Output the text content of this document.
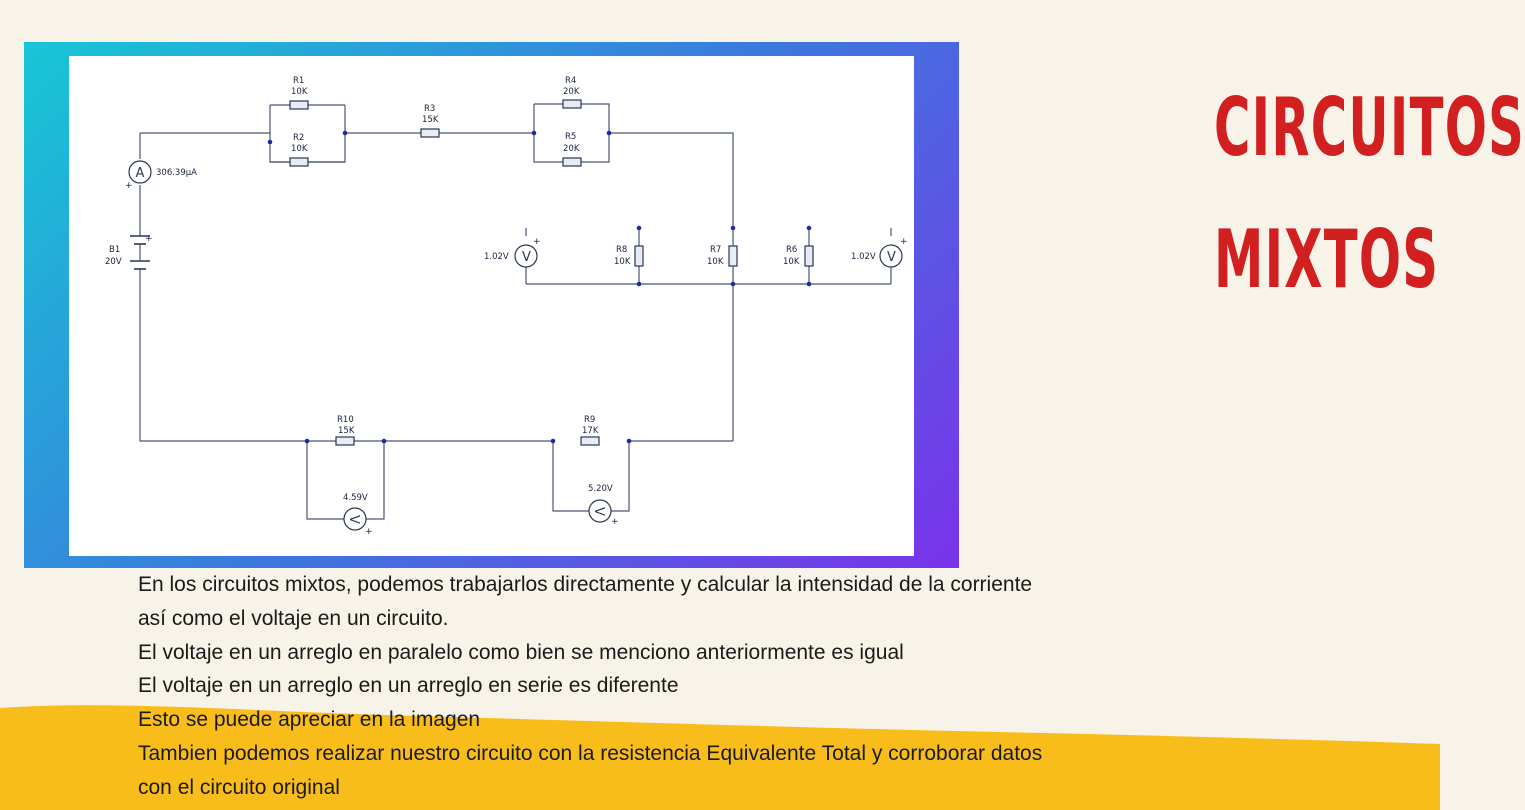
A
V	V
V
V
R1
10K
R2
10K
R3
15K
R4
20K
R5
20K
R8
10K
R7
10K
R6
10K
R10
15K
R9
17K
B1
20V
306.39μA
1.02V	1.02V
4.59V
5.20V
+
+	+	+
+
+
CIRCUITOS
MIXTOS

En los circuitos mixtos, podemos trabajarlos directamente y calcular la intensidad de la corriente

así como el voltaje en un circuito.

El voltaje en un arreglo en paralelo como bien se menciono anteriormente es igual

El voltaje en un arreglo en un arreglo en serie es diferente

Esto se puede apreciar en la imagen

Tambien podemos realizar nuestro circuito con la resistencia Equivalente Total y corroborar datos

con el circuito original
